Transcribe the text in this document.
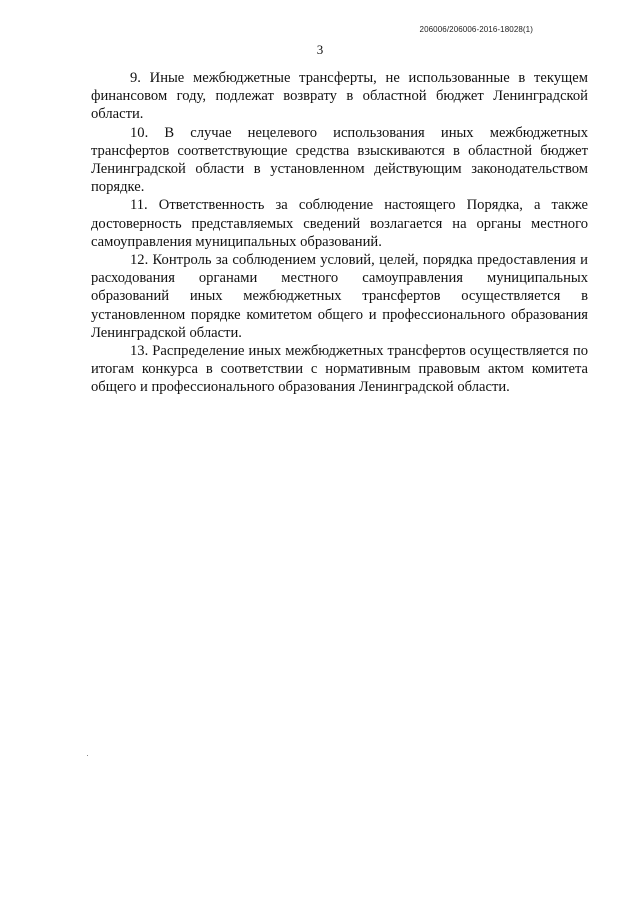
206006/206006-2016-18028(1)
3

9. Иные межбюджетные трансферты, не использованные в текущем финансовом году, подлежат возврату в областной бюджет Ленинградской области.

10. В случае нецелевого использования иных межбюджетных трансфертов соответствующие средства взыскиваются в областной бюджет Ленинградской области в установленном действующим законодательством порядке.

11. Ответственность за соблюдение настоящего Порядка, а также достоверность представляемых сведений возлагается на органы местного самоуправления муниципальных образований.

12. Контроль за соблюдением условий, целей, порядка предоставления и расходования органами местного самоуправления муниципальных образований иных межбюджетных трансфертов осуществляется в установленном порядке комитетом общего и профессионального образования Ленинградской области.

13. Распределение иных межбюджетных трансфертов осуществляется по итогам конкурса в соответствии с нормативным правовым актом комитета общего и профессионального образования Ленинградской области.
